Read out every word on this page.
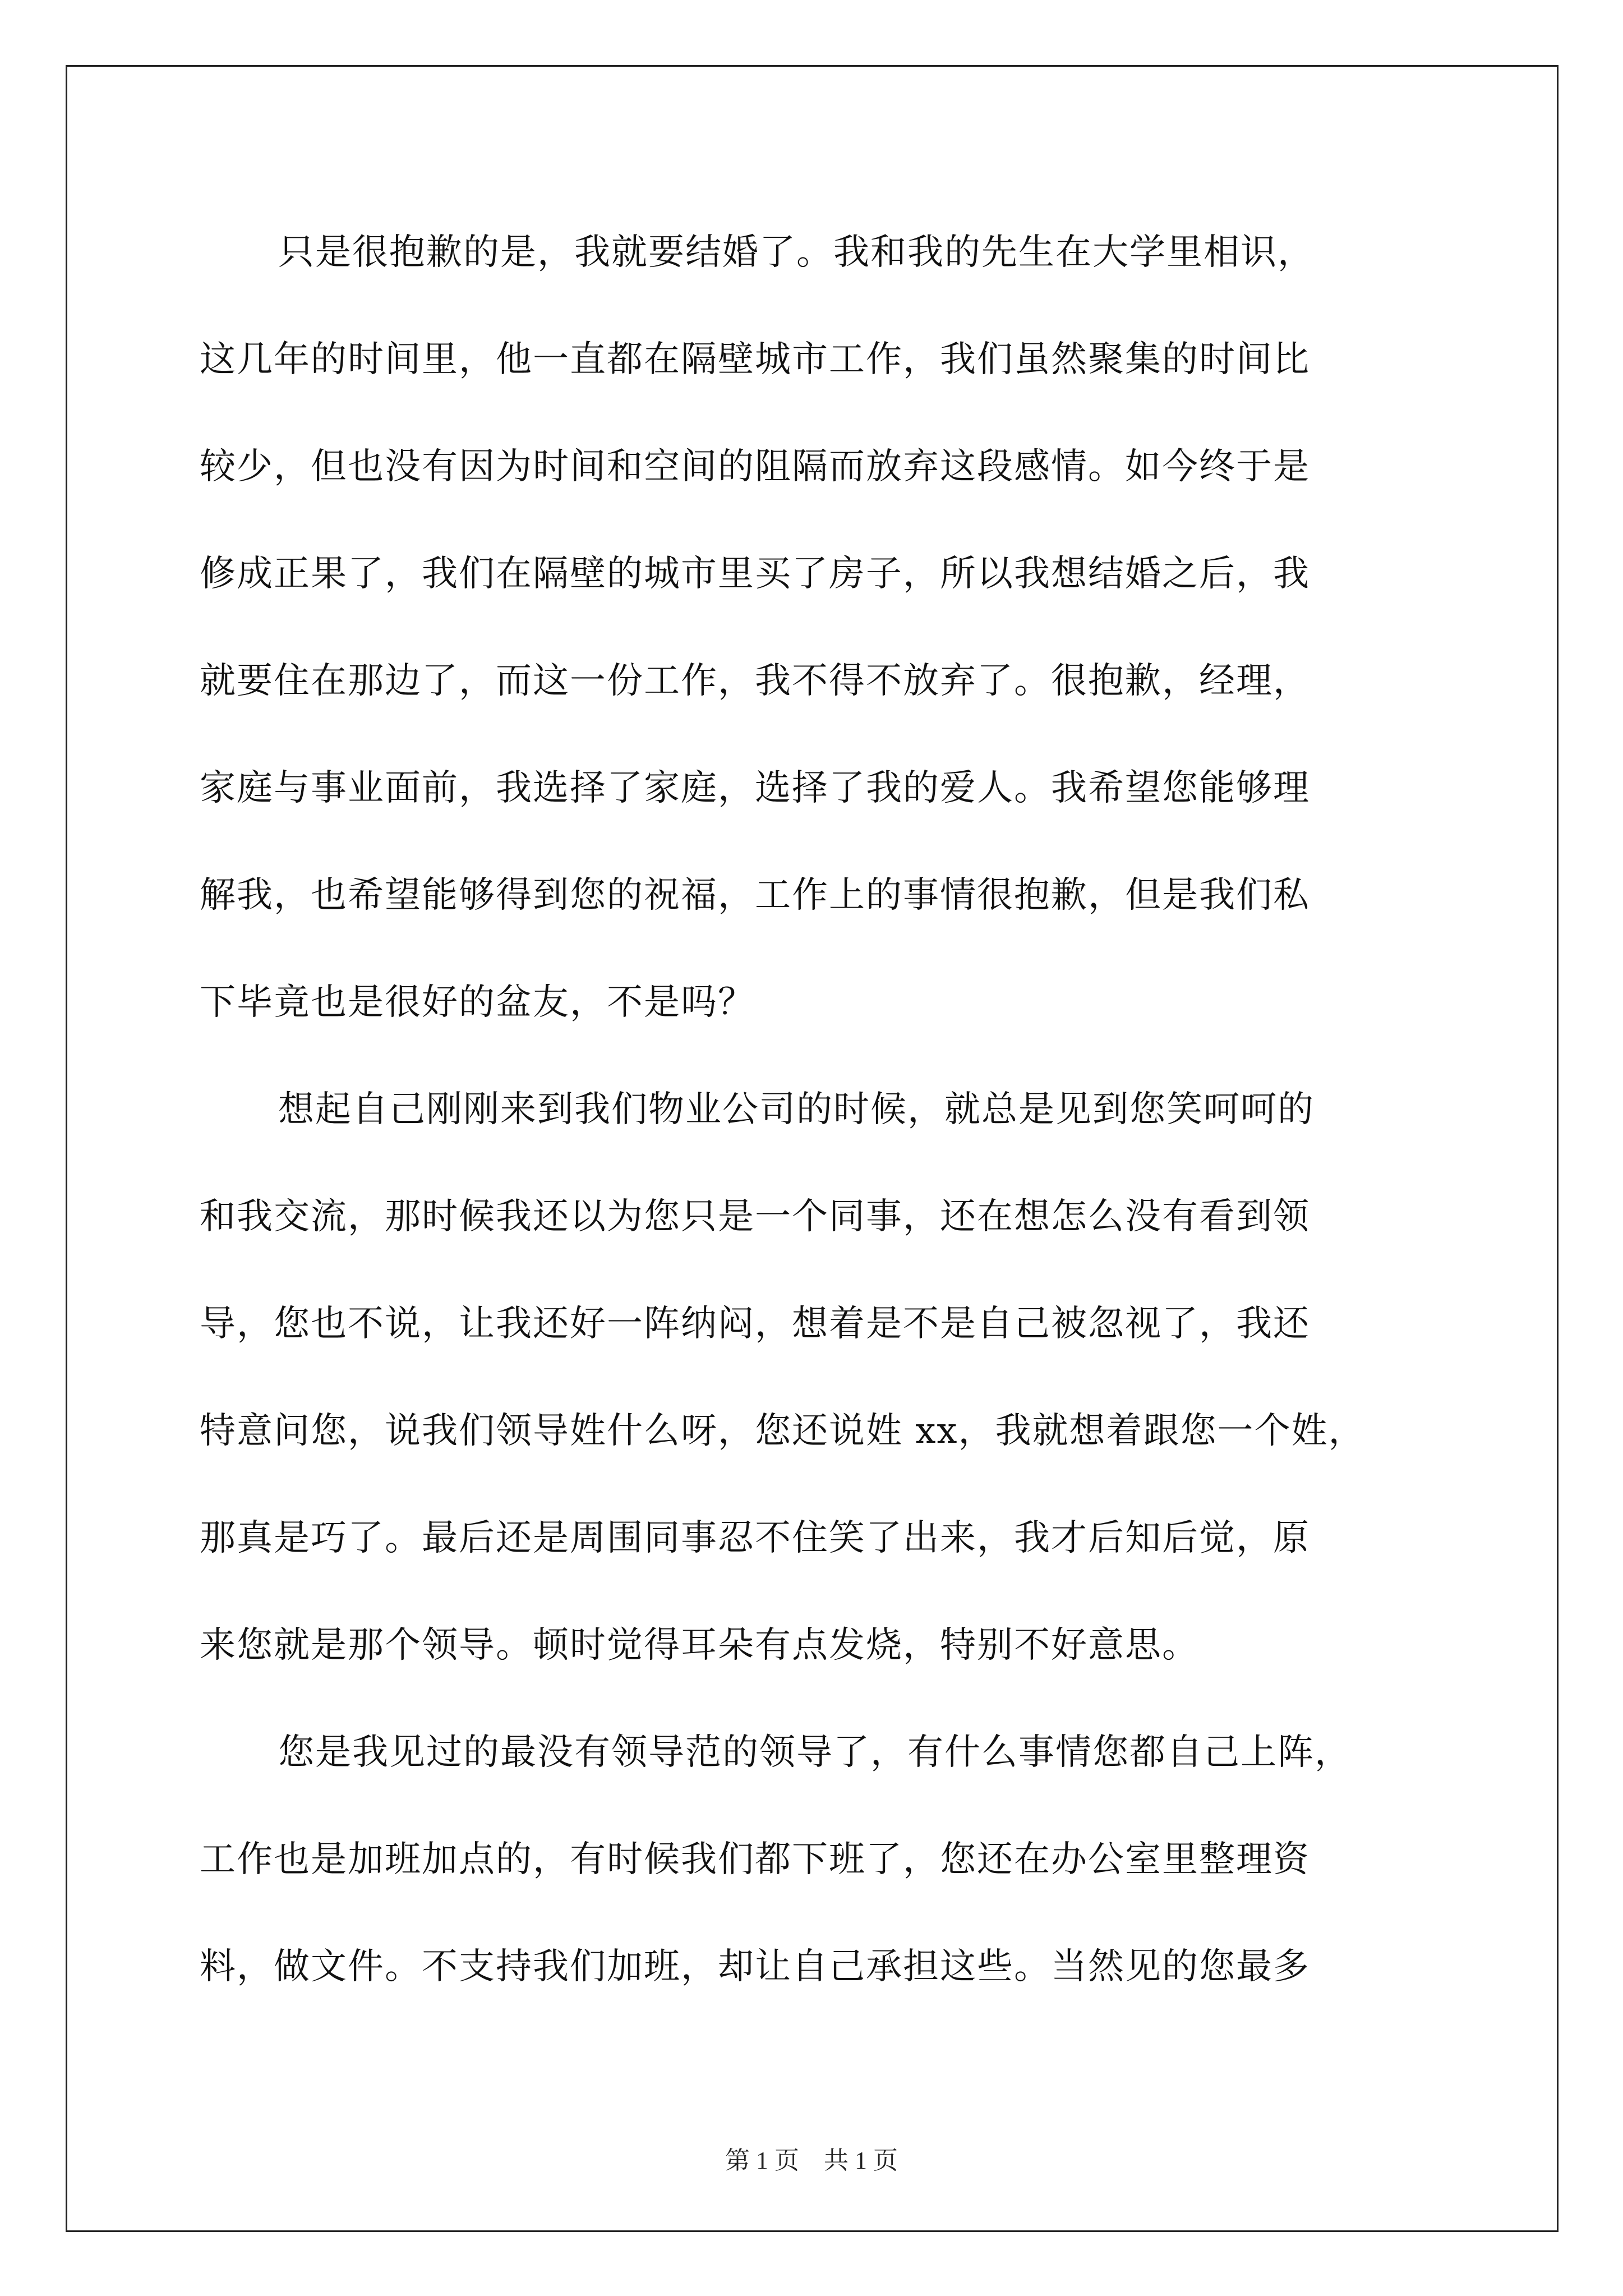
只是很抱歉的是，我就要结婚了。我和我的先生在大学里相识，
这几年的时间里，他一直都在隔壁城市工作，我们虽然聚集的时间比
较少，但也没有因为时间和空间的阻隔而放弃这段感情。如今终于是
修成正果了，我们在隔壁的城市里买了房子，所以我想结婚之后，我
就要住在那边了，而这一份工作，我不得不放弃了。很抱歉，经理，
家庭与事业面前，我选择了家庭，选择了我的爱人。我希望您能够理
解我，也希望能够得到您的祝福，工作上的事情很抱歉，但是我们私
下毕竟也是很好的盆友，不是吗？
想起自己刚刚来到我们物业公司的时候，就总是见到您笑呵呵的
和我交流，那时候我还以为您只是一个同事，还在想怎么没有看到领
导，您也不说，让我还好一阵纳闷，想着是不是自己被忽视了，我还
特意问您，说我们领导姓什么呀，您还说姓 xx，我就想着跟您一个姓，
那真是巧了。最后还是周围同事忍不住笑了出来，我才后知后觉，原
来您就是那个领导。顿时觉得耳朵有点发烧，特别不好意思。
您是我见过的最没有领导范的领导了，有什么事情您都自己上阵，
工作也是加班加点的，有时候我们都下班了，您还在办公室里整理资
料，做文件。不支持我们加班，却让自己承担这些。当然见的您最多
第 1 页　共 1 页
